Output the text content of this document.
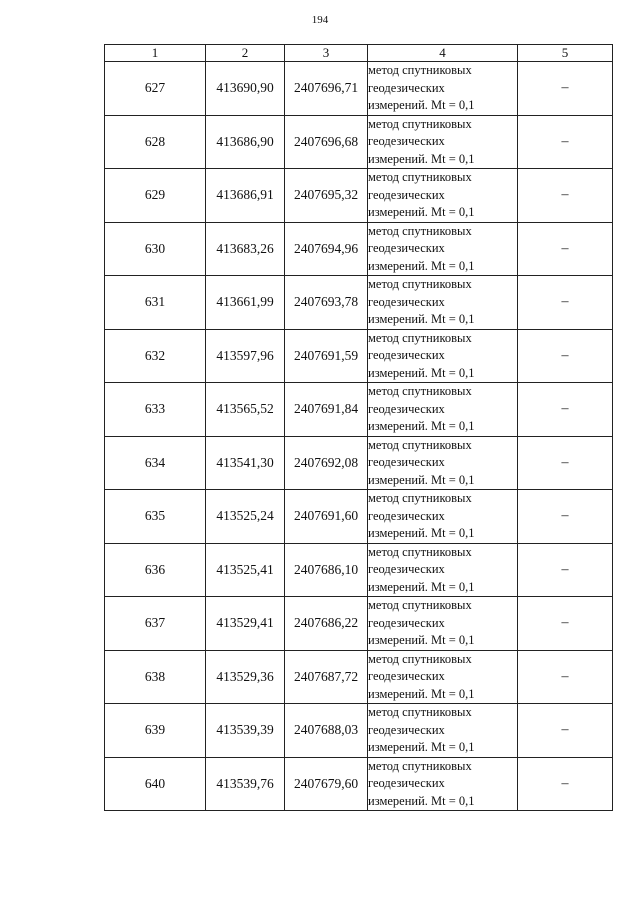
194
1	2	3	4	5
627	413690,90	2407696,71	метод спутниковых
геодезических
измерений. Mt = 0,1	–
628	413686,90	2407696,68	метод спутниковых
геодезических
измерений. Mt = 0,1	–
629	413686,91	2407695,32	метод спутниковых
геодезических
измерений. Mt = 0,1	–
630	413683,26	2407694,96	метод спутниковых
геодезических
измерений. Mt = 0,1	–
631	413661,99	2407693,78	метод спутниковых
геодезических
измерений. Mt = 0,1	–
632	413597,96	2407691,59	метод спутниковых
геодезических
измерений. Mt = 0,1	–
633	413565,52	2407691,84	метод спутниковых
геодезических
измерений. Mt = 0,1	–
634	413541,30	2407692,08	метод спутниковых
геодезических
измерений. Mt = 0,1	–
635	413525,24	2407691,60	метод спутниковых
геодезических
измерений. Mt = 0,1	–
636	413525,41	2407686,10	метод спутниковых
геодезических
измерений. Mt = 0,1	–
637	413529,41	2407686,22	метод спутниковых
геодезических
измерений. Mt = 0,1	–
638	413529,36	2407687,72	метод спутниковых
геодезических
измерений. Mt = 0,1	–
639	413539,39	2407688,03	метод спутниковых
геодезических
измерений. Mt = 0,1	–
640	413539,76	2407679,60	метод спутниковых
геодезических
измерений. Mt = 0,1	–
